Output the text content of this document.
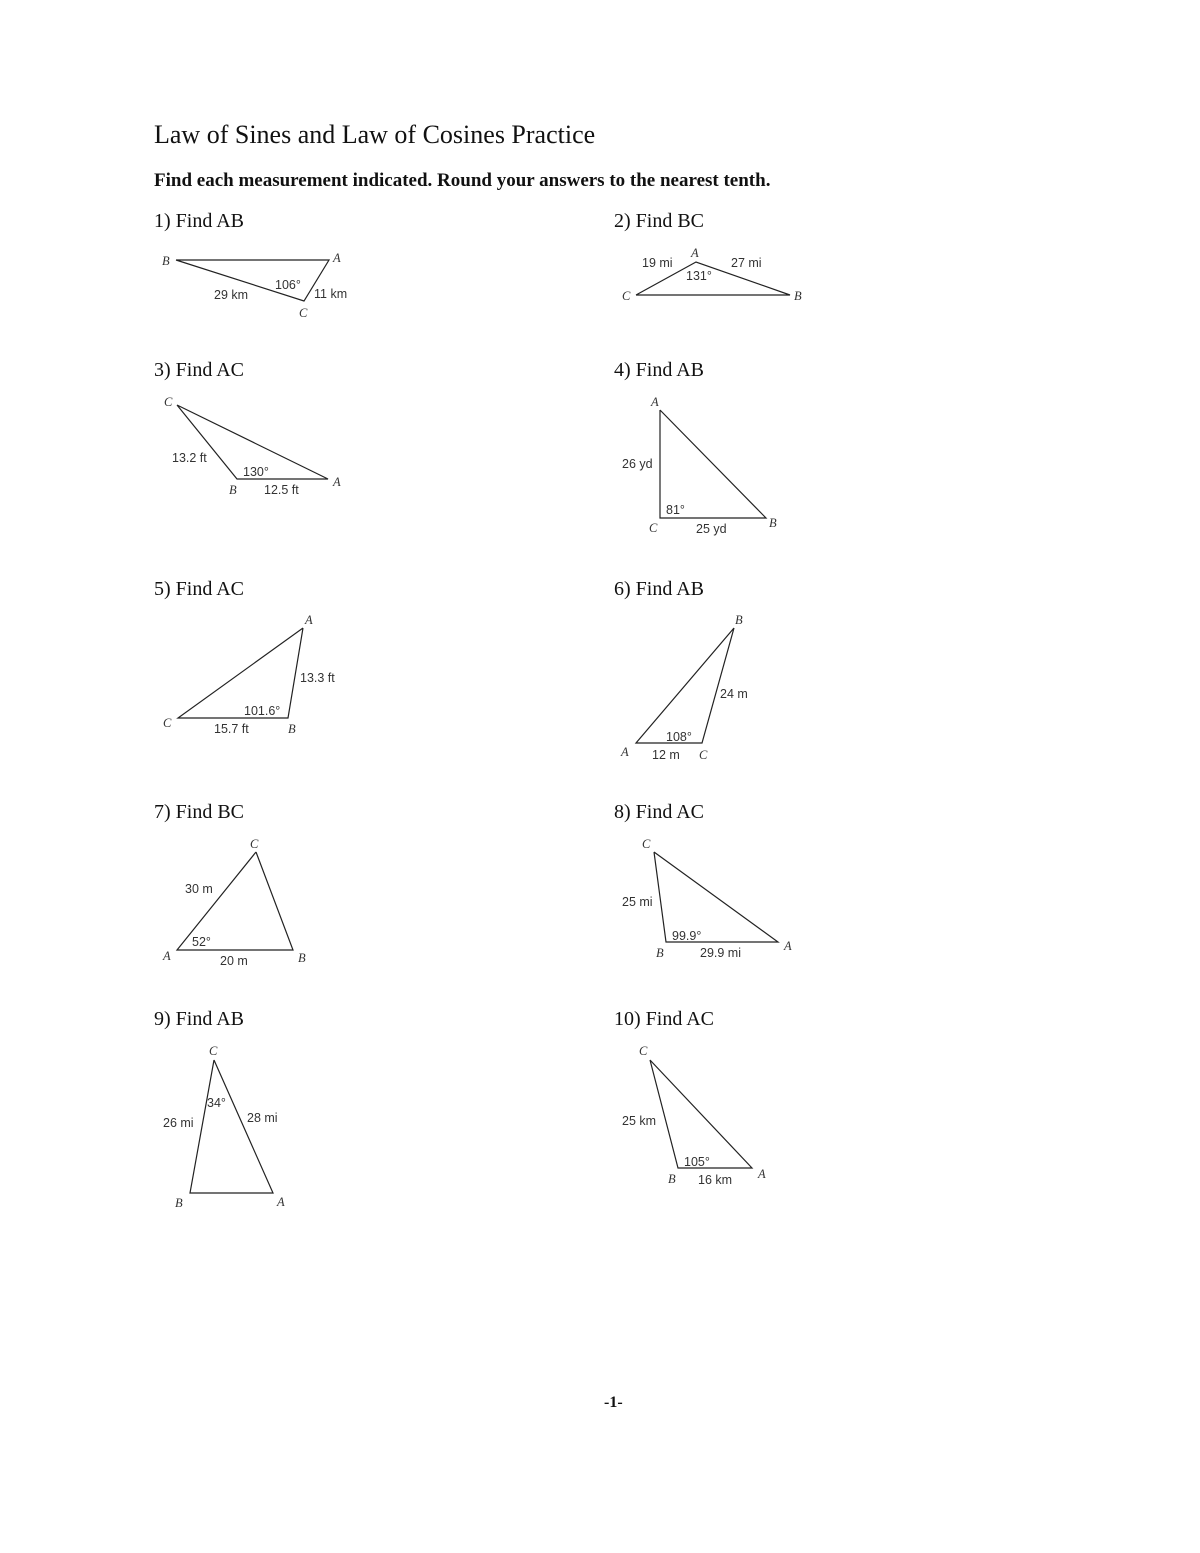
Law of Sines and Law of Cosines Practice
Find each measurement indicated. Round your answers to the nearest tenth.
1) Find AB	2) Find BC
3) Find AC	4) Find AB
5) Find AC	6) Find AB
7) Find BC	8) Find AC
9) Find AB	10) Find AC
B	A
C
106°
29 km	11 km
A
C	B
131°
19 mi	27 mi
C
B
A
130°
13.2 ft
12.5 ft
A
C	B
81°
26 yd
25 yd
A
C	B
101.6°
13.3 ft
15.7 ft
B
A	C
108°
24 m
12 m
C
A	B
52°
30 m
20 m
C
B	A
99.9°
25 mi
29.9 mi
C
B	A
34°
26 mi	28 mi
C
B	A
105°
25 km
16 km
-1-
